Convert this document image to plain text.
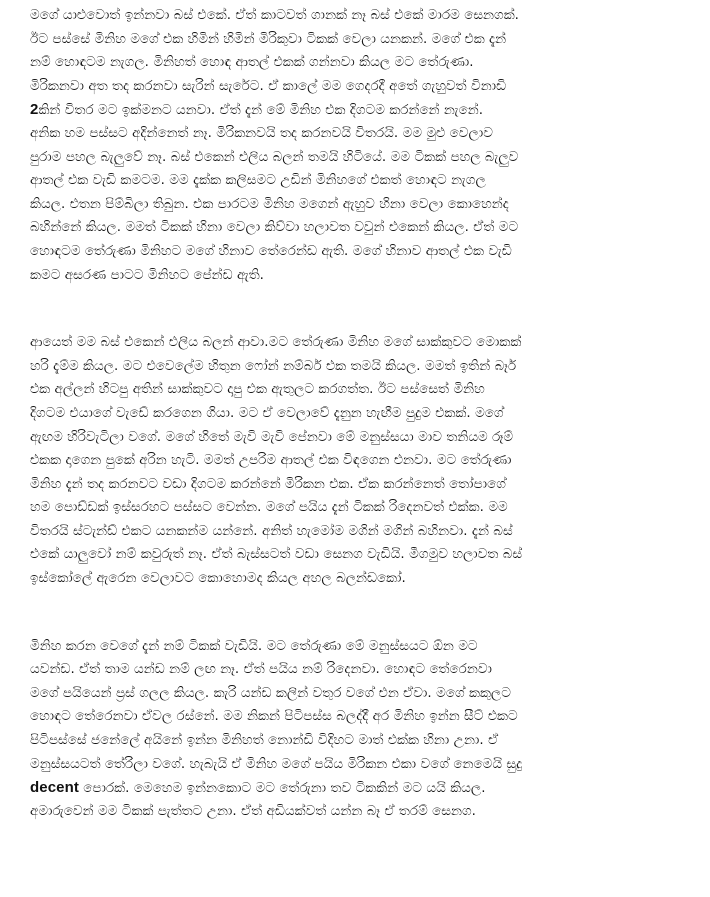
මගේ යාළුවොත් ඉන්නවා බස් එකේ. ඒත් කාටවත් ගානක් නෑ බස් එකේ මාරම සෙනගක්.
ඊට පස්සේ මිනිහ මගේ එක හිමින් හිමින් මිරිකුවා ටිකක් වෙලා යනකන්. මගේ එක දැන්
නම් හොඳටම නැගල. මිනිහත් හොඳ ආතල් එකක් ගන්නවා කියල මට තේරුණා.
මිරිකනවා අත තද කරනවා සැරින් සැරේට. ඒ කාලේ මම ගෙදරදී අතේ ගැහුවත් විනාඩි
2කින් විතර මට ඉක්මනට යනවා. ඒත් දැන් මේ මිනිහ එක දිගටම කරන්නේ නැනේ.
අනික හම පස්සට අදින්නෙත් නෑ. මිරිකනවයි තද කරනවයි විතරයි. මම මුළු වෙලාව
පුරාම පහල බැලුවේ නෑ. බස් එකෙන් එලිය බලන් තමයි හිටියේ. මම ටිකක් පහල බැලුව
ආතල් එක වැඩි කමටම. මම දැක්ක කලිසමට උඩින් මිනිහගේ එකත් හොඳට නැගල
කියල. එතන පිම්බිලා තිබුන. එක පාරටම මිනිහ මගෙන් ඇහුව හිනා වෙලා කොහෙන්ද
බහින්නේ කියල. මමත් ටිකක් හිනා වෙලා කිව්වා හලාවත වවුන් එකෙන් කියල. ඒත් මට
හොඳටම තේරුණා මිනිහට මගේ හිනාව තේරෙන්ඩ ඇති. මගේ හිනාව ආතල් එක වැඩි
කමට අසරණ පාටට මිනිහට පේන්ඩ ඇති.
ආයෙත් මම බස් එකෙන් එලිය බලන් ආවා.මට තේරුණා මිනිහ මගේ සාක්කුවට මොකක්
හරි දැම්ම කියල. මට එවෙලේම හිතුන ෆෝන් නම්බර් එක තමයි කියල. මමත් ඉතින් බෑර්
එක අල්ලන් හිටපු අතින් සාක්කුවට දාපු එක ඇතුලට කරගත්ත. ඊට පස්සෙත් මිනිහ
දිගටම එයාගේ වැඩේ කරගෙන ගියා. මට ඒ වෙලාවේ දැනුන හැඟීම පුදුම එකක්. මගේ
ඇඟම හිරිවැටිලා වගේ. මගේ හිතේ මැවි මැවි පේනවා මේ මනුස්සයා මාව තනියම රූම්
එකක දාගෙන පුකේ අරින හැටි. මමත් උපරිම ආතල් එක විඳගෙන එනවා. මට තේරුණා
මිනිහ දැන් තද කරනවට වඩා දිගටම කරන්නේ මිරිකන එක. ඒක කරන්නෙත් තෝපාගේ
හම පොඩ්ඩක් ඉස්සරහට පස්සට වෙන්න. මගේ පයිය දැන් ටිකක් රිදෙනවත් එක්ක. මම
විතරයි ස්ටැන්ඩ් එකට යනකන්ම යන්නේ. අනිත් හැමෝම මගින් මගින් බහිනවා. දැන් බස්
එකේ යාලුවෝ නම් කවුරුත් නෑ. ඒත් බැස්සටත් වඩා සෙනග වැඩියි. මීගමුව හලාවත බස්
ඉස්කෝලේ ඇරෙන වෙලාවට කොහොමද කියල අහල බලන්ඩකෝ.
මිනිහ කරන වෙගේ දැන් නම් ටිකක් වැඩියි. මට තේරුණා මේ මනුස්සයට ඕන මට
යවන්ඩ. ඒත් තාම යන්ඩ නම් ලඟ නෑ. ඒත් පයිය නම් රිදෙනවා. හොඳට තේරෙනවා
මගේ පයියෙන් ප්‍රස් ගලල කියල. කැරි යන්ඩ කලින් වතුර වගේ එන ඒවා. මගේ කකුලට
හොඳට තේරෙනවා ඒවල රස්නේ. මම නිකන් පිටිපස්ස බලද්දී අර මිනිහ ඉන්න සීට් එකට
පිටිපස්සේ ජනේලේ අයිනේ ඉන්න මිනිහත් නොන්ඩි විදිහට මාත් එක්ක හිනා උනා. ඒ
මනුස්සයටත් තේරිලා වගේ. හැබැයි ඒ මිනිහ මගේ පයිය මිරිකන එකා වගේ නෙමෙයි සුදු
decent පොරක්. මෙහෙම ඉන්නකොට මට තේරුනා තව ටිකකින් මට යයි කියල.
අමාරුවෙන් මම ටිකක් පැත්තට උනා. ඒත් අඩියක්වත් යන්න බෑ ඒ තරම් සෙනග.
